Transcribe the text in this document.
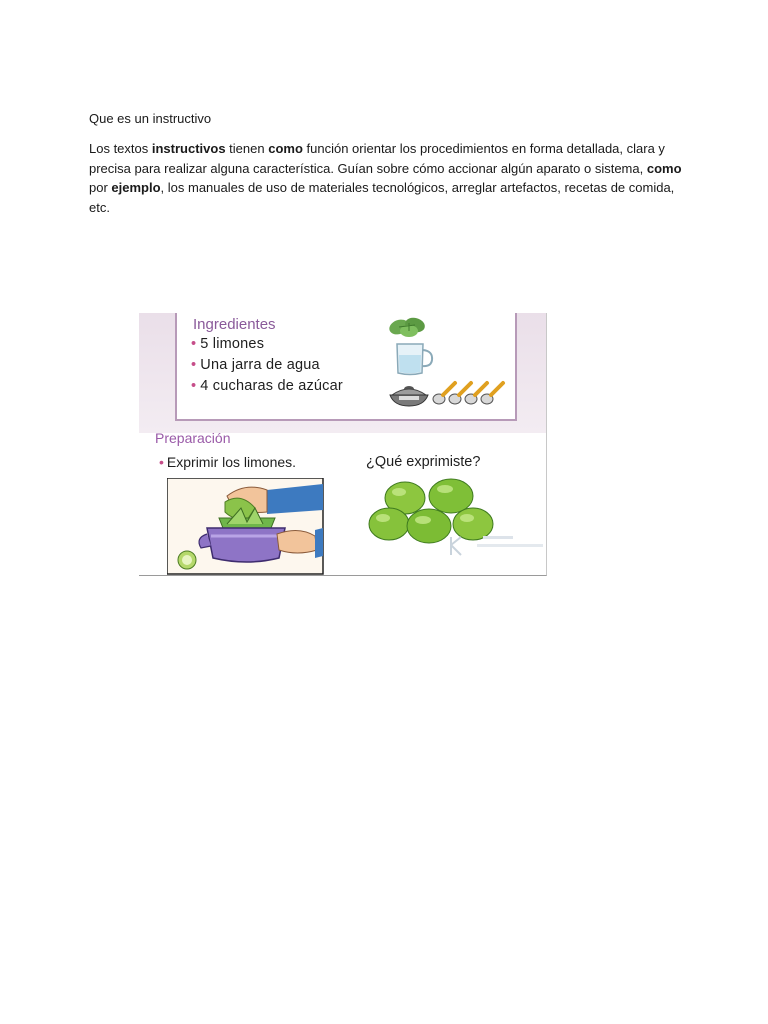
Que es un instructivo
Los textos instructivos tienen como función orientar los procedimientos en forma detallada, clara y precisa para realizar alguna característica. Guían sobre cómo accionar algún aparato o sistema, como por ejemplo, los manuales de uso de materiales tecnológicos, arreglar artefactos, recetas de comida, etc.
Ingredientes
• 5 limones
• Una jarra de agua
• 4 cucharas de azúcar
Preparación
• Exprimir los limones.	¿Qué exprimiste?
